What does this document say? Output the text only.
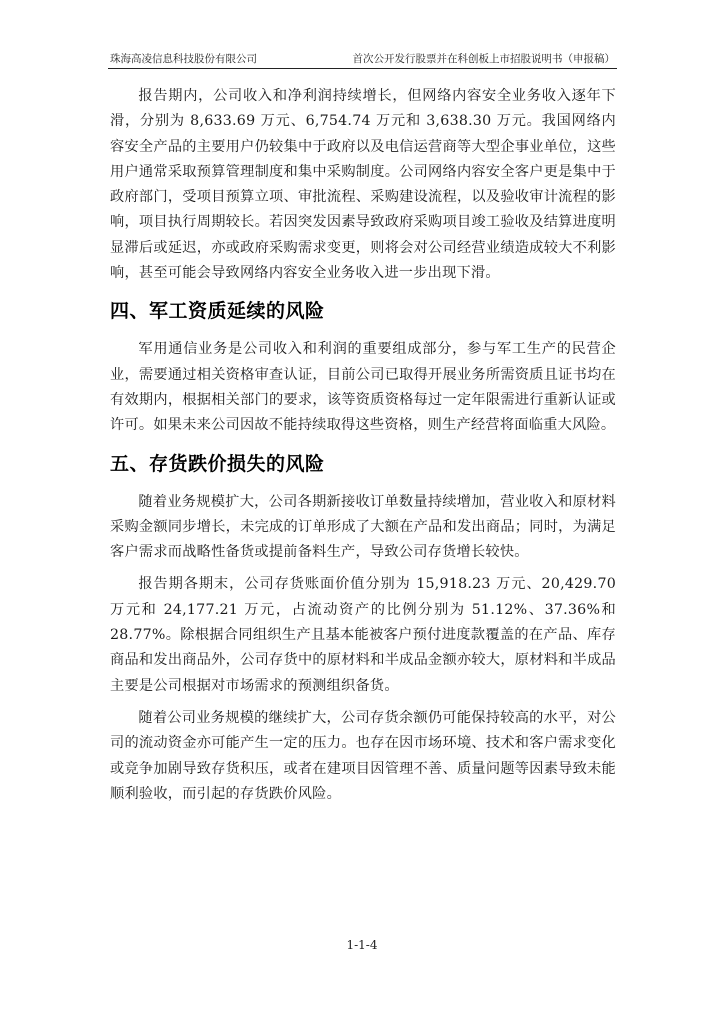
珠海高凌信息科技股份有限公司	首次公开发行股票并在科创板上市招股说明书（申报稿）

报告期内，公司收入和净利润持续增长，但网络内容安全业务收入逐年下滑，分别为 8,633.69 万元、6,754.74 万元和 3,638.30 万元。我国网络内容安全产品的主要用户仍较集中于政府以及电信运营商等大型企事业单位，这些用户通常采取预算管理制度和集中采购制度。公司网络内容安全客户更是集中于政府部门，受项目预算立项、审批流程、采购建设流程，以及验收审计流程的影响，项目执行周期较长。若因突发因素导致政府采购项目竣工验收及结算进度明显滞后或延迟，亦或政府采购需求变更，则将会对公司经营业绩造成较大不利影响，甚至可能会导致网络内容安全业务收入进一步出现下滑。

四、军工资质延续的风险

军用通信业务是公司收入和利润的重要组成部分，参与军工生产的民营企业，需要通过相关资格审查认证，目前公司已取得开展业务所需资质且证书均在有效期内，根据相关部门的要求，该等资质资格每过一定年限需进行重新认证或许可。如果未来公司因故不能持续取得这些资格，则生产经营将面临重大风险。

五、存货跌价损失的风险

随着业务规模扩大，公司各期新接收订单数量持续增加，营业收入和原材料采购金额同步增长，未完成的订单形成了大额在产品和发出商品；同时，为满足客户需求而战略性备货或提前备料生产，导致公司存货增长较快。

报告期各期末，公司存货账面价值分别为 15,918.23 万元、20,429.70 万元和 24,177.21 万元，占流动资产的比例分别为 51.12%、37.36%和 28.77%。除根据合同组织生产且基本能被客户预付进度款覆盖的在产品、库存商品和发出商品外，公司存货中的原材料和半成品金额亦较大，原材料和半成品主要是公司根据对市场需求的预测组织备货。

随着公司业务规模的继续扩大，公司存货余额仍可能保持较高的水平，对公司的流动资金亦可能产生一定的压力。也存在因市场环境、技术和客户需求变化或竞争加剧导致存货积压，或者在建项目因管理不善、质量问题等因素导致未能顺利验收，而引起的存货跌价风险。

1-1-4
